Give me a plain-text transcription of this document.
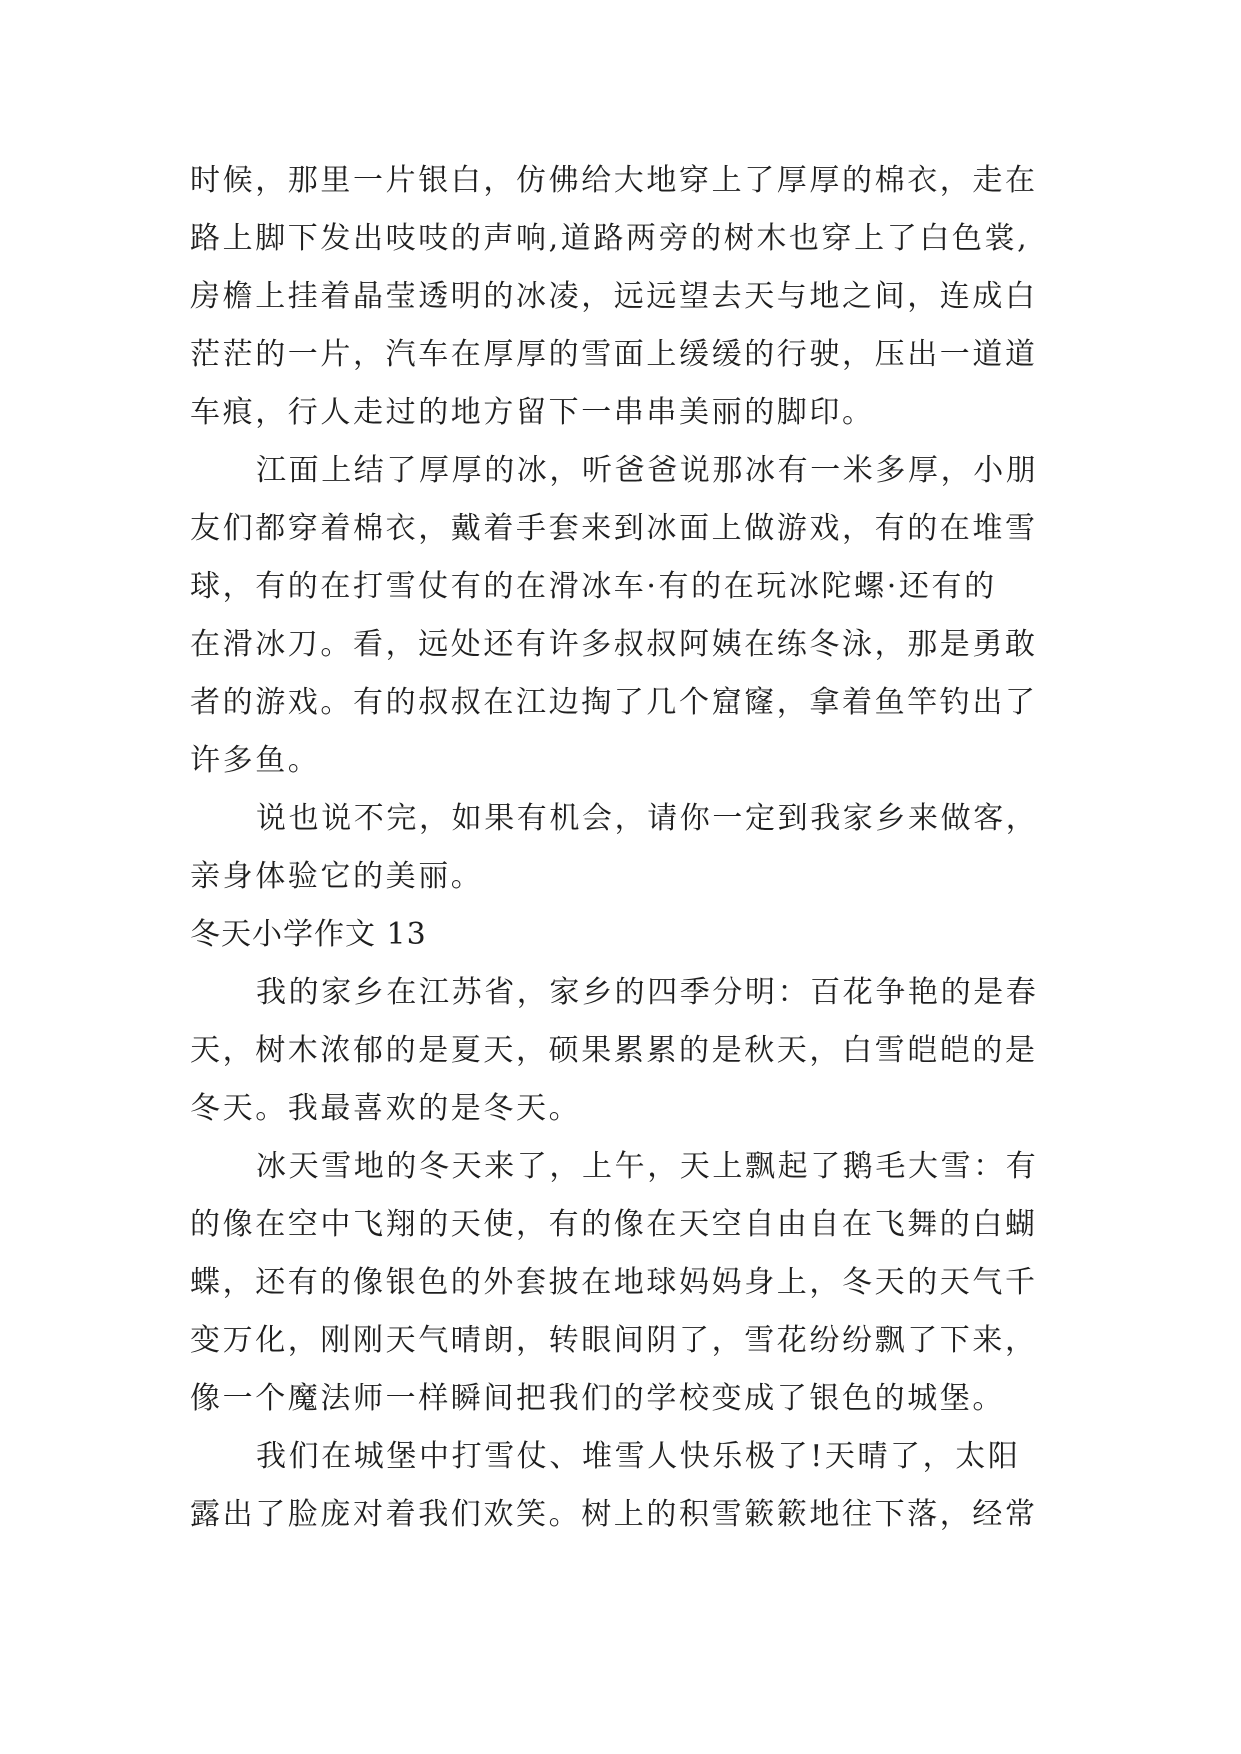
时候，那里一片银白，仿佛给大地穿上了厚厚的棉衣，走在
路上脚下发出吱吱的声响,道路两旁的树木也穿上了白色裳,
房檐上挂着晶莹透明的冰凌，远远望去天与地之间，连成白
茫茫的一片，汽车在厚厚的雪面上缓缓的行驶，压出一道道
车痕，行人走过的地方留下一串串美丽的脚印。
江面上结了厚厚的冰，听爸爸说那冰有一米多厚，小朋
友们都穿着棉衣，戴着手套来到冰面上做游戏，有的在堆雪
球，有的在打雪仗有的在滑冰车·有的在玩冰陀螺·还有的
在滑冰刀。看，远处还有许多叔叔阿姨在练冬泳，那是勇敢
者的游戏。有的叔叔在江边掏了几个窟窿，拿着鱼竿钓出了
许多鱼。
说也说不完，如果有机会，请你一定到我家乡来做客，
亲身体验它的美丽。
冬天小学作文 13
我的家乡在江苏省，家乡的四季分明：百花争艳的是春
天，树木浓郁的是夏天，硕果累累的是秋天，白雪皑皑的是
冬天。我最喜欢的是冬天。
冰天雪地的冬天来了，上午，天上飘起了鹅毛大雪：有
的像在空中飞翔的天使，有的像在天空自由自在飞舞的白蝴
蝶，还有的像银色的外套披在地球妈妈身上，冬天的天气千
变万化，刚刚天气晴朗，转眼间阴了，雪花纷纷飘了下来，
像一个魔法师一样瞬间把我们的学校变成了银色的城堡。
我们在城堡中打雪仗、堆雪人快乐极了!天晴了，太阳
露出了脸庞对着我们欢笑。树上的积雪簌簌地往下落，经常
